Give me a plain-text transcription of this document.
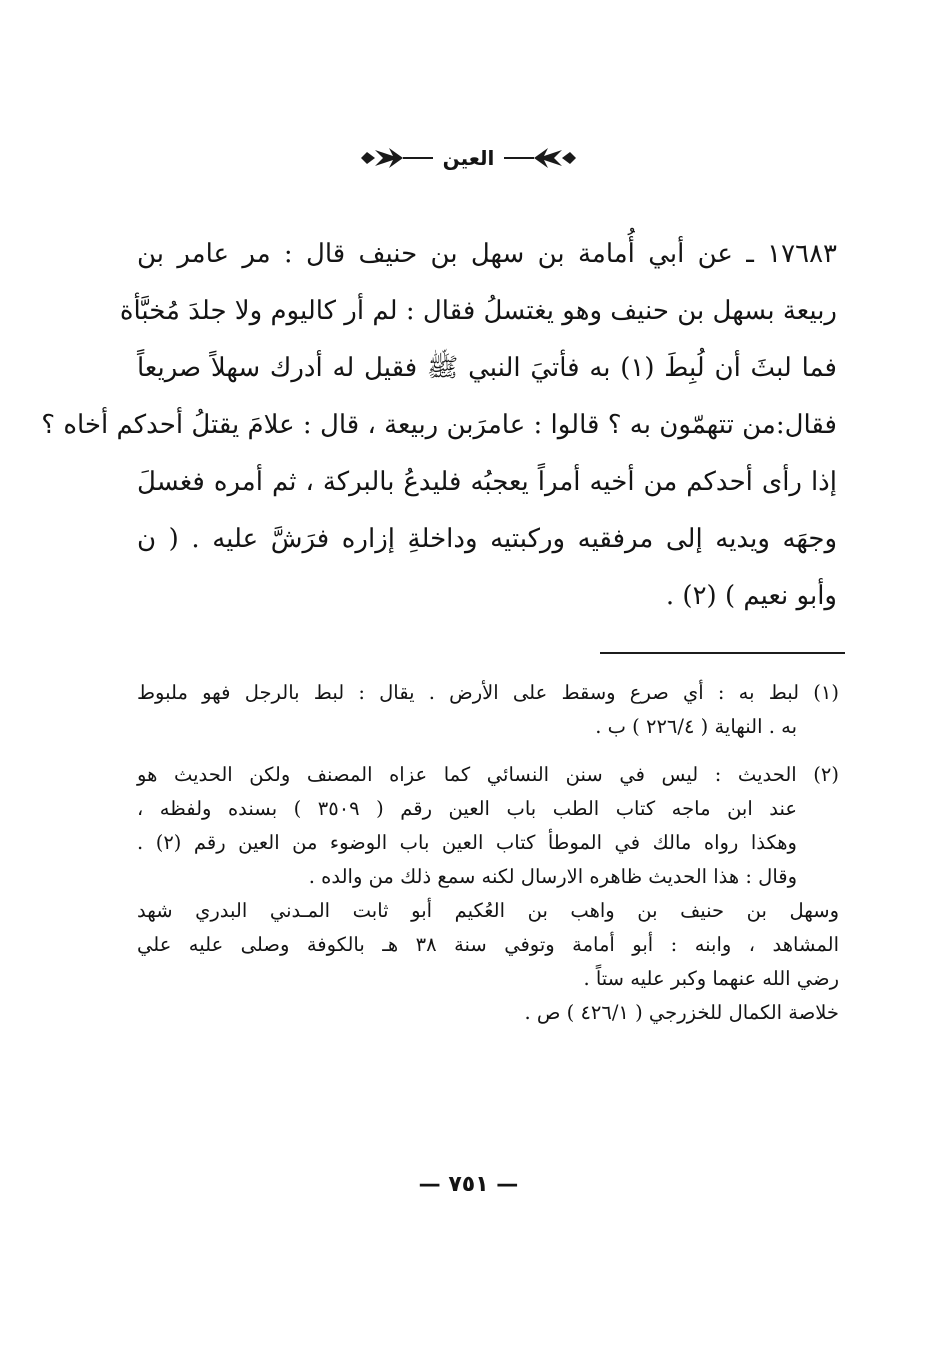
العين
١٧٦٨٣ ـ عن أبي أُمامة بن سهل بن حنيف قال : مر عامر بن
ربيعة بسهل بن حنيف وهو يغتسلُ فقال : لم أر كاليوم ولا جلدَ مُخبَّأة
فما لبثَ أن لُبِطَ (١) به فأتيَ النبي ﷺ فقيل له أدرك سهلاً صريعاً
فقال:من تتهمّون به ؟ قالوا : عامرَبن ربيعة ، قال : علامَ يقتلُ أحدكم أخاه ؟
إذا رأى أحدكم من أخيه أمراً يعجبُه فليدعُ بالبركة ، ثم أمره فغسلَ
وجهَه ويديه إلى مرفقيه وركبتيه وداخلةِ إزاره فرَشَّ عليه . ( ن
وأبو نعيم ) (٢) .
(١) لبط به : أي صرع وسقط على الأرض . يقال : لبط بالرجل فهو ملبوط
به . النهاية ( ٢٢٦/٤ ) ب .
(٢) الحديث : ليس في سنن النسائي كما عزاه المصنف ولكن الحديث هو
عند ابن ماجه كتاب الطب باب العين رقم ( ٣٥٠٩ ) بسنده ولفظه ،
وهكذا رواه مالك في الموطأ كتاب العين باب الوضوء من العين رقم (٢) .
وقال : هذا الحديث ظاهره الارسال لكنه سمع ذلك من والده .
وسهل بن حنيف بن واهب بن العُكيم أبو ثابت المـدني البدري شهد
المشاهد ، وابنه : أبو أمامة وتوفي سنة ٣٨ هـ بالكوفة وصلى عليه علي
رضي الله عنهما وكبر عليه ستاً .
خلاصة الكمال للخزرجي ( ٤٢٦/١ ) ص .
— ٧٥١ —
